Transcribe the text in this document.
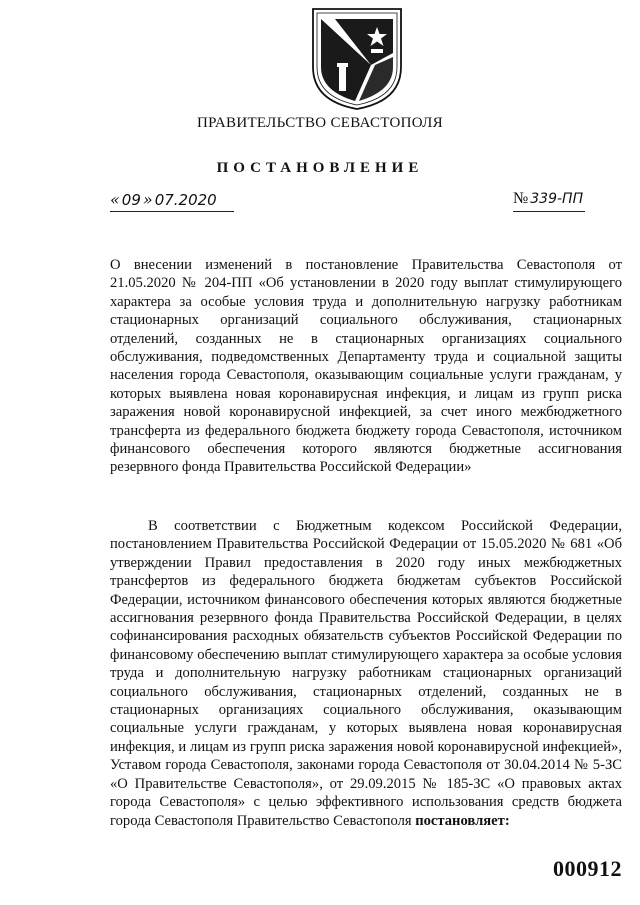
ПРАВИТЕЛЬСТВО СЕВАСТОПОЛЯ
ПОСТАНОВЛЕНИЕ
« 09 » 07.2020	№ 339-ПП
О внесении изменений в постановление Правительства Севастополя от 21.05.2020 № 204-ПП «Об установлении в 2020 году выплат стимулирующего характера за особые условия труда и дополнительную нагрузку работникам стационарных организаций социального обслуживания, стационарных отделений, созданных не в стационарных организациях социального обслуживания, подведомственных Департаменту труда и социальной защиты населения города Севастополя, оказывающим социальные услуги гражданам, у которых выявлена новая коронавирусная инфекция, и лицам из групп риска заражения новой коронавирусной инфекцией, за счет иного межбюджетного трансферта из федерального бюджета бюджету города Севастополя, источником финансового обеспечения которого являются бюджетные ассигнования резервного фонда Правительства Российской Федерации»
В соответствии с Бюджетным кодексом Российской Федерации, постановлением Правительства Российской Федерации от 15.05.2020 № 681 «Об утверждении Правил предоставления в 2020 году иных межбюджетных трансфертов из федерального бюджета бюджетам субъектов Российской Федерации, источником финансового обеспечения которых являются бюджетные ассигнования резервного фонда Правительства Российской Федерации, в целях софинансирования расходных обязательств субъектов Российской Федерации по финансовому обеспечению выплат стимулирующего характера за особые условия труда и дополнительную нагрузку работникам стационарных организаций социального обслуживания, стационарных отделений, созданных не в стационарных организациях социального обслуживания, оказывающим социальные услуги гражданам, у которых выявлена новая коронавирусная инфекция, и лицам из групп риска заражения новой коронавирусной инфекцией», Уставом города Севастополя, законами города Севастополя от 30.04.2014 № 5-ЗС «О Правительстве Севастополя», от 29.09.2015 № 185-ЗС «О правовых актах города Севастополя» с целью эффективного использования средств бюджета города Севастополя Правительство Севастополя постановляет:
000912
